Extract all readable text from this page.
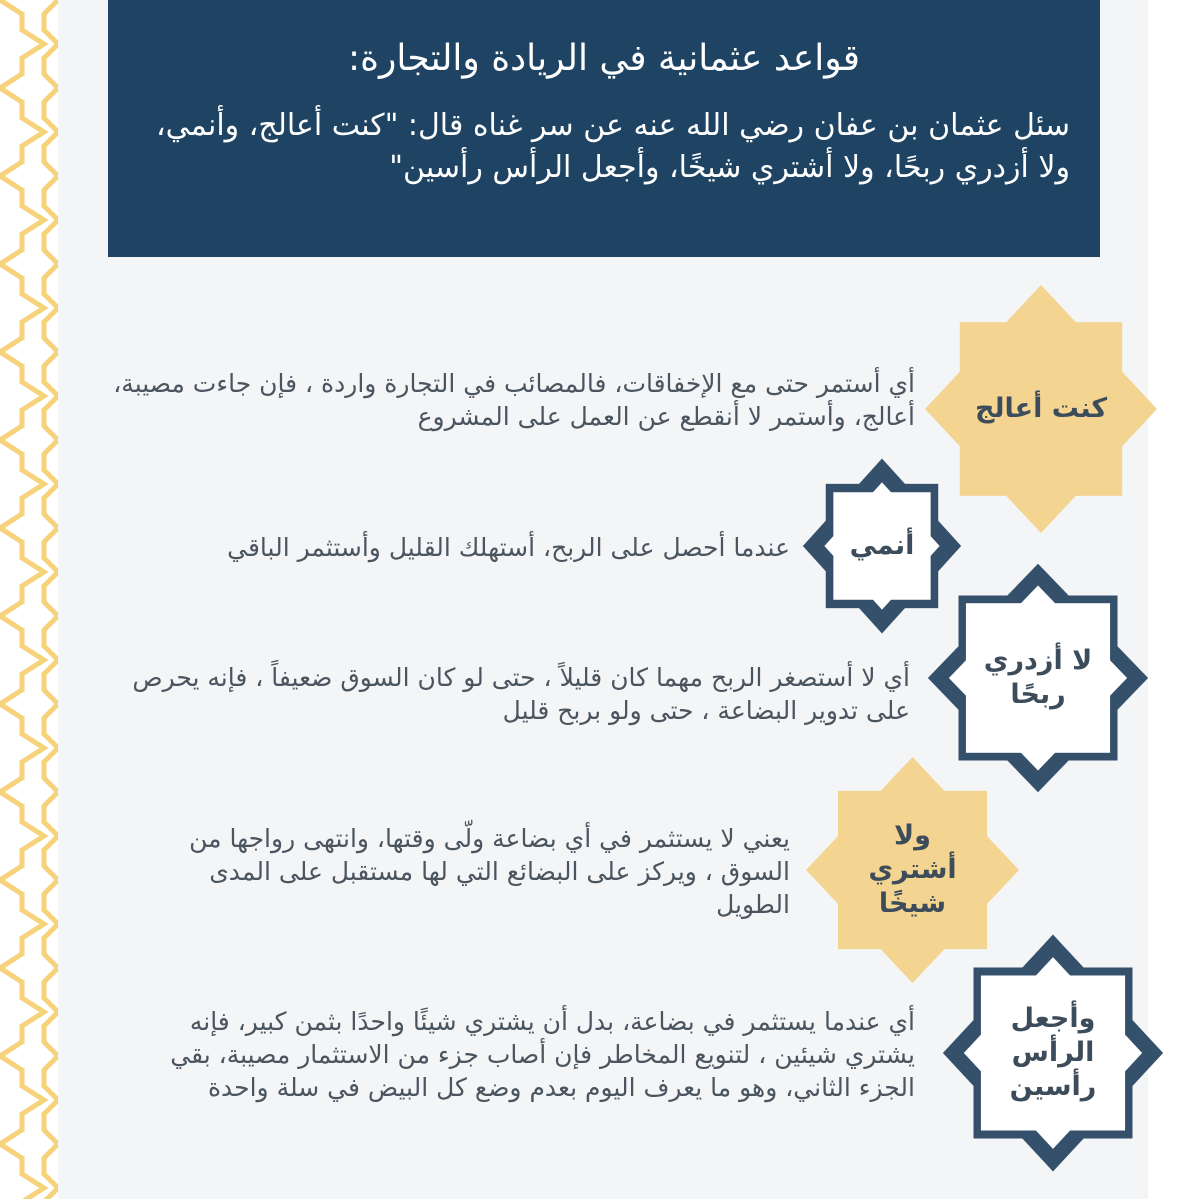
قواعد عثمانية في الريادة والتجارة:

سئل عثمان بن عفان رضي الله عنه عن سر غناه قال: "كنت أعالج، وأنمي، ولا أزدري ربحًا، ولا أشتري شيخًا، وأجعل الرأس رأسين"

كنت أعالج

أي أستمر حتى مع الإخفاقات، فالمصائب في التجارة واردة ، فإن جاءت مصيبة، أعالج، وأستمر لا أنقطع عن العمل على المشروع

أنمي

عندما أحصل على الربح، أستهلك القليل وأستثمر الباقي

لا أزدري ربحًا

أي لا أستصغر الربح مهما كان قليلاً ، حتى لو كان السوق ضعيفاً ، فإنه يحرص على تدوير البضاعة ، حتى ولو بربح قليل

ولا أشتري شيخًا

يعني لا يستثمر في أي بضاعة ولّى وقتها، وانتهى رواجها من السوق ، ويركز على البضائع التي لها مستقبل على المدى الطويل

وأجعل الرأس رأسين

أي عندما يستثمر في بضاعة، بدل أن يشتري شيئًا واحدًا بثمن كبير، فإنه يشتري شيئين ، لتنويع المخاطر فإن أصاب جزء من الاستثمار مصيبة، بقي الجزء الثاني، وهو ما يعرف اليوم بعدم وضع كل البيض في سلة واحدة
